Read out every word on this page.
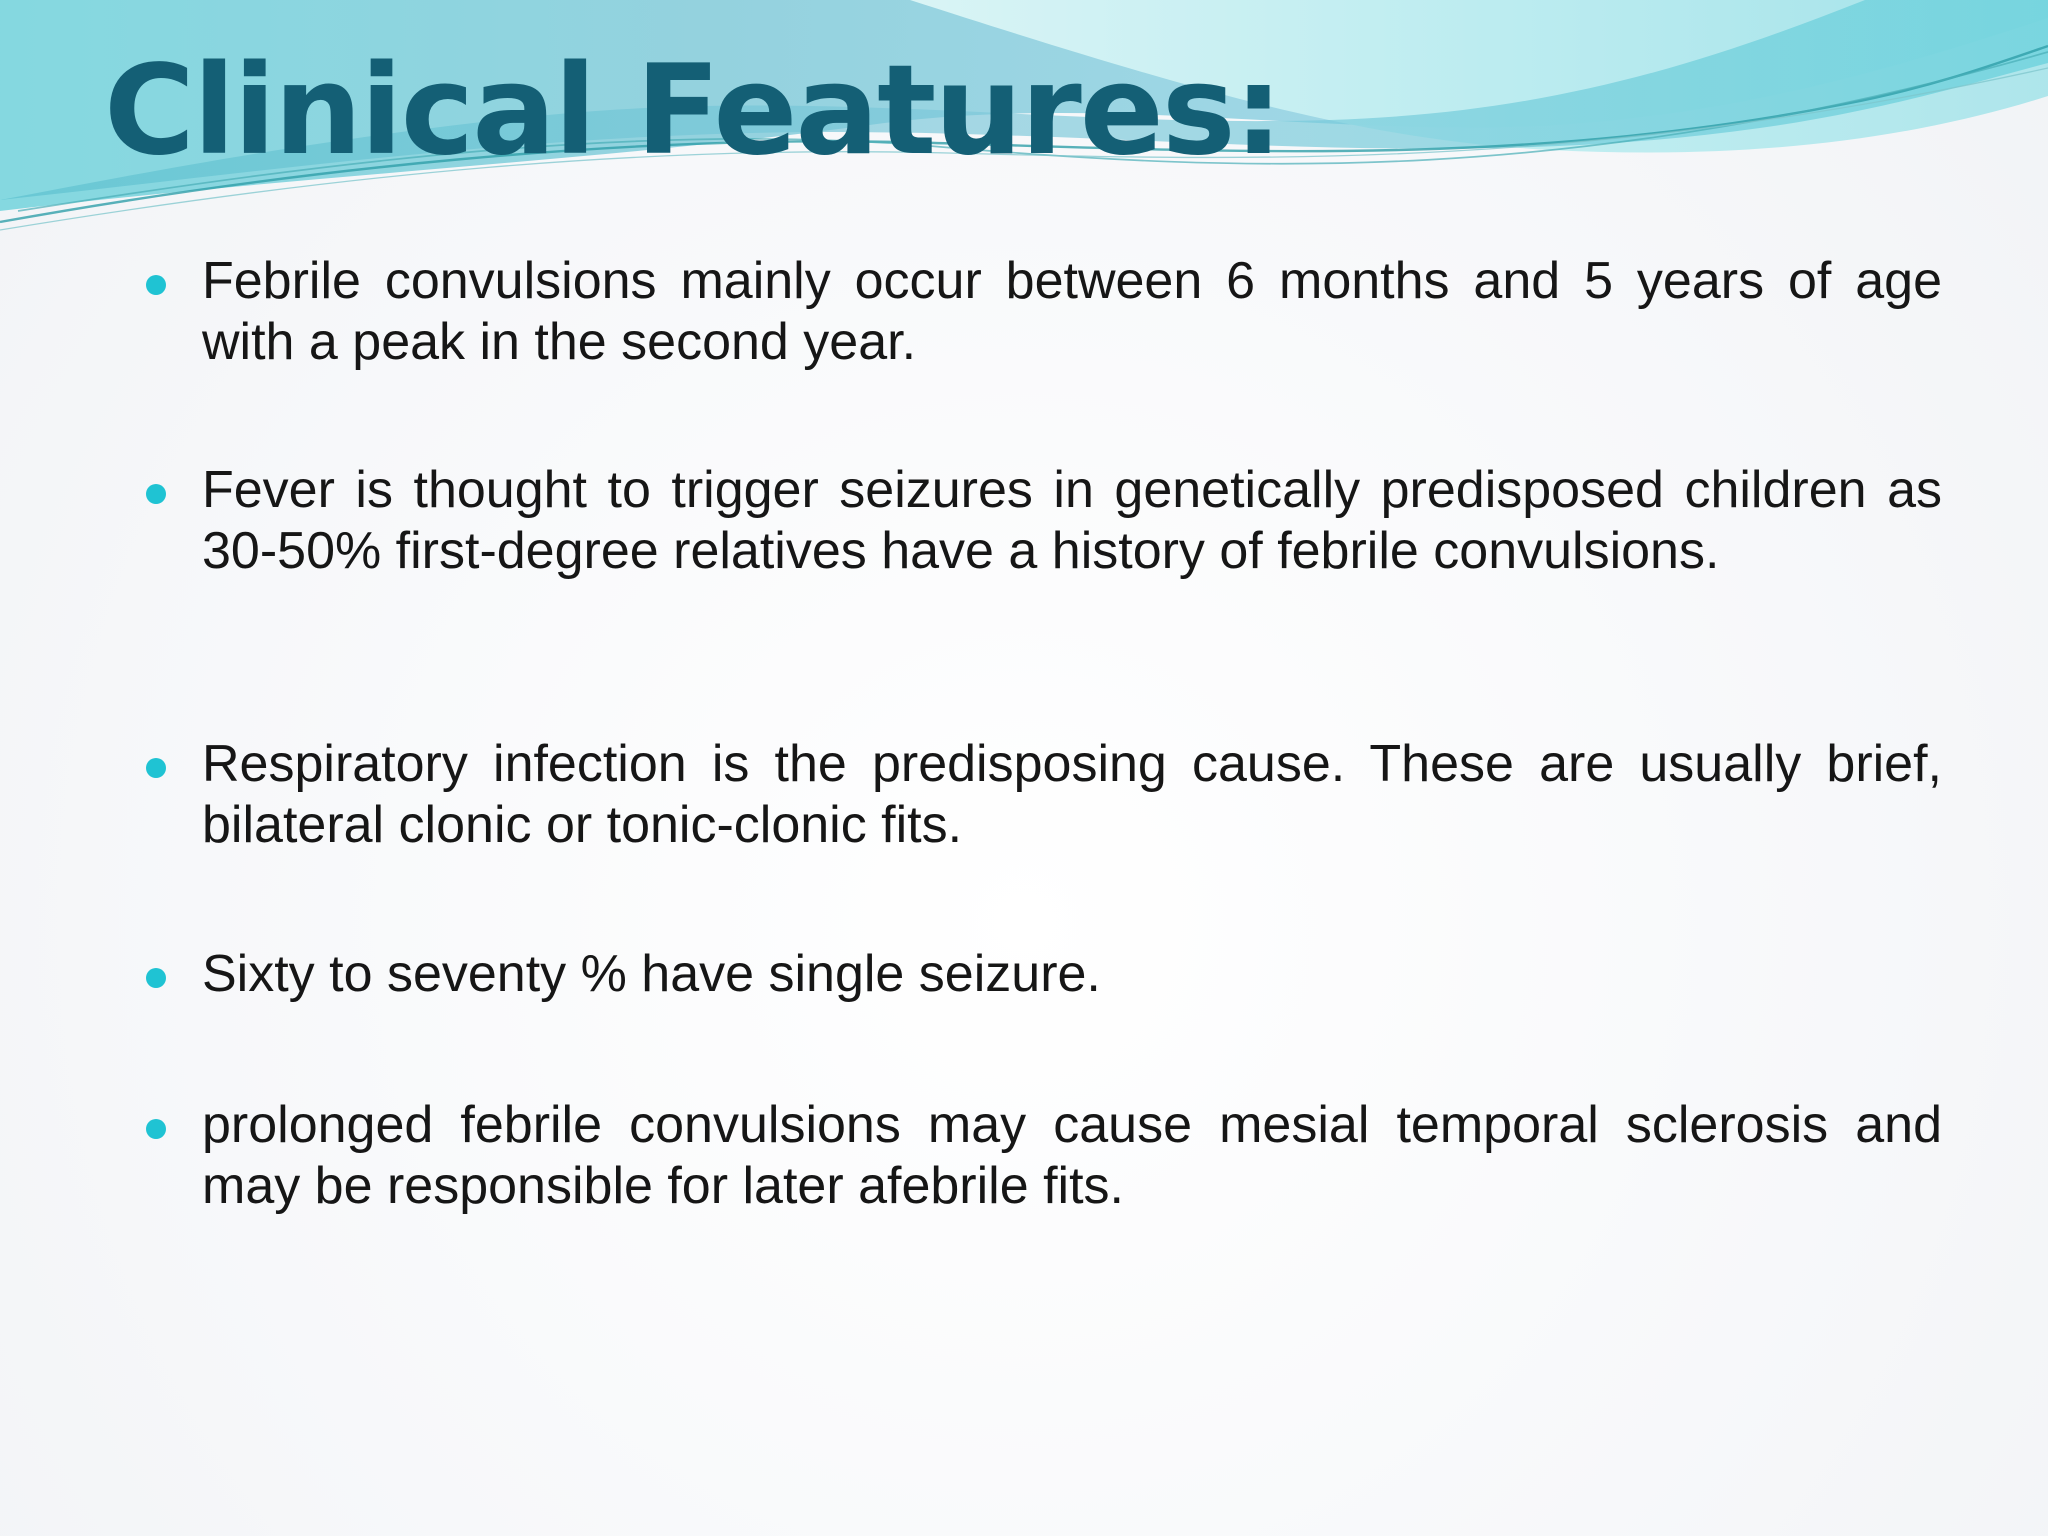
Clinical Features:

Febrile convulsions mainly occur between 6 months and 5 years of age with a peak in the second year.

Fever is thought to trigger seizures in genetically predisposed children as 30-50% first-degree relatives have a history of febrile convulsions.

Respiratory infection is the predisposing cause. These are usually brief, bilateral clonic or tonic-clonic fits.

Sixty to seventy % have single seizure.

prolonged febrile convulsions may cause mesial temporal sclerosis and may be responsible for later afebrile fits.
